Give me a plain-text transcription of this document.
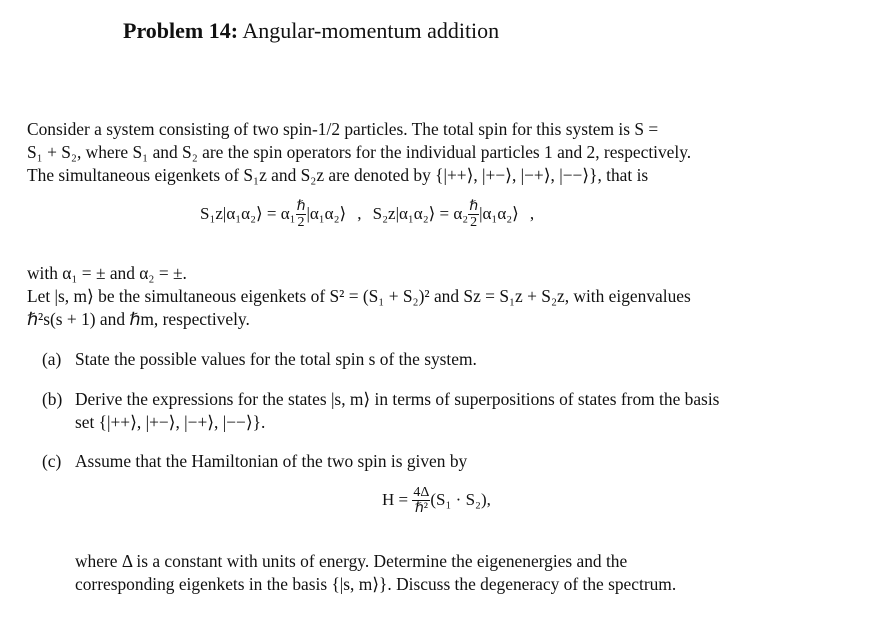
Problem 14: Angular-momentum addition
Consider a system consisting of two spin-1/2 particles. The total spin for this system is S =
S₁ + S₂, where S₁ and S₂ are the spin operators for the individual particles 1 and 2, respectively.
The simultaneous eigenkets of S₁z and S₂z are denoted by {|++⟩, |+−⟩, |−+⟩, |−−⟩}, that is
S₁z|α₁α₂⟩ = $\alpha_1 \frac{\text{ℏ}}{2}$ |α₁α₂⟩ , S₂z|α₁α₂⟩ = $\alpha_2 \frac{\text{ℏ}}{2}$ |α₁α₂⟩ ,
with α₁ = ± and α₂ = ±.
Let |s, m⟩ be the simultaneous eigenkets of S² = (S₁ + S₂)² and Sz = S₁z + S₂z, with eigenvalues
ℏ²s(s + 1) and ℏm, respectively.
(a) State the possible values for the total spin s of the system.
(b) Derive the expressions for the states |s, m⟩ in terms of superpositions of states from the basis
set {|++⟩, |+−⟩, |−+⟩, |−−⟩}.
(c) Assume that the Hamiltonian of the two spin is given by
$H = \frac{4\Delta}{\text{ℏ²}} (S_1 \cdot S_2)$,
where Δ is a constant with units of energy. Determine the eigenenergies and the
corresponding eigenkets in the basis {|s, m⟩}. Discuss the degeneracy of the spectrum.
